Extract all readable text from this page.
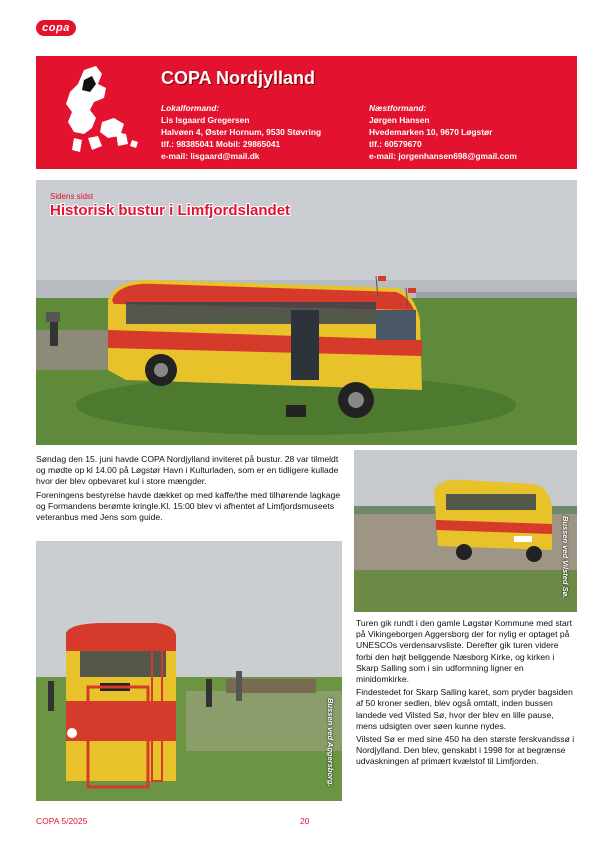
copa
COPA Nordjylland
Lokalformand:
Lis Isgaard Gregersen
Halvøen 4, Øster Hornum, 9530 Støvring
tlf.: 98385041 Mobil: 29865041
e-mail: lisgaard@mail.dk
Næstformand:
Jørgen Hansen
Hvedemarken 10, 9670 Løgstør
tlf.: 60579670
e-mail: jorgenhansen698@gmail.com
Sidens sidst
Historisk bustur i Limfjordslandet

Søndag den 15. juni havde COPA Nordjylland inviteret på bustur. 28 var tilmeldt og mødte op kl 14.00 på Løgstør Havn i Kulturladen, som er en tidligere kullade hvor der blev opbevaret kul i store mængder.

Foreningens bestyrelse havde dækket op med kaffe/the med tilhørende lagkage og Formandens berømte kringle.Kl. 15:00 blev vi afhentet af Limfjordsmuseets veteranbus med Jens som guide.	Bussen ved Vilsted Sø.
Bussen ved Aggersborg.

Turen gik rundt i den gamle Løgstør Kommune med start på Vikingeborgen Aggersborg der for nylig er optaget på UNESCOs verdensarvsliste. Derefter gik turen videre forbi den højt beliggende Næsborg Kirke, og kirken i Skarp Salling som i sin udformning ligner en minidomkirke.

Findestedet for Skarp Salling karet, som pryder bagsiden af 50 kroner sedlen, blev også omtalt, inden bussen landede ved Vilsted Sø, hvor der blev en lille pause, mens udsigten over søen kunne nydes.

Vilsted Sø er med sine 450 ha den største ferskvandssø i Nordjylland. Den blev, genskabt i 1998 for at begrænse udvaskningen af primært kvælstof til Limfjorden.

COPA 5/2025	20
